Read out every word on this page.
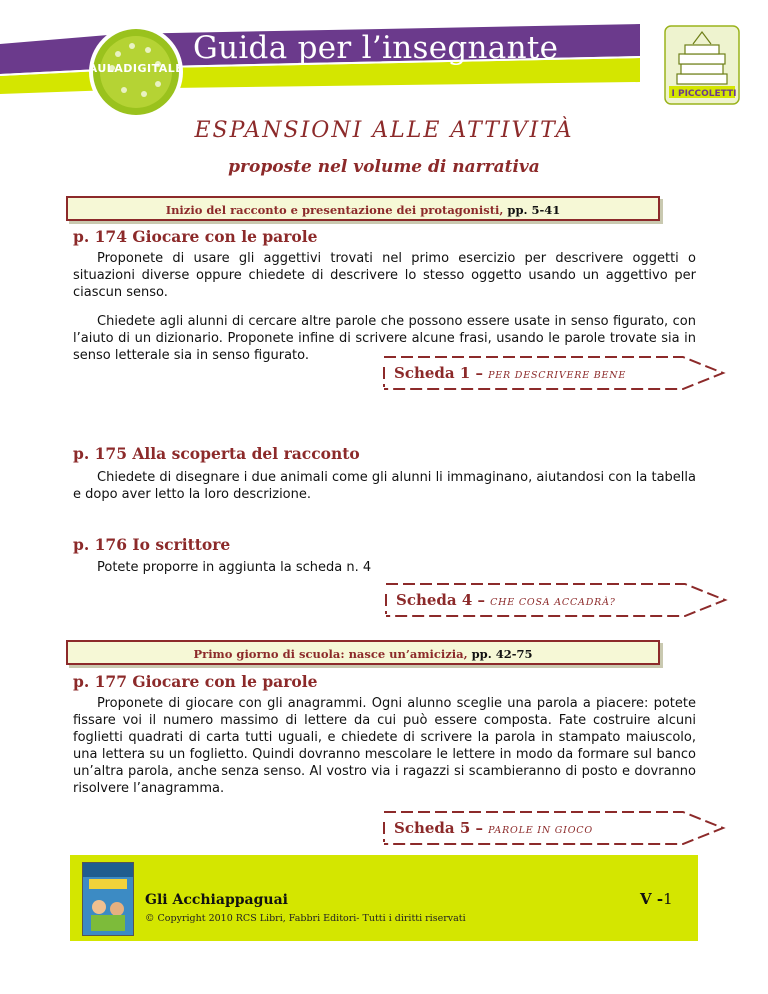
AULADIGITALE
Guida per l’insegnante
I PICCOLETTI
ESPANSIONI ALLE ATTIVITÀ
proposte nel volume di narrativa
Inizio del racconto e presentazione dei protagonisti, pp. 5-41
p. 174 Giocare con le parole

Proponete di usare gli aggettivi trovati nel primo esercizio per descrivere oggetti o situazioni diverse oppure chiedete di descrivere lo stesso oggetto usando un aggettivo per ciascun senso.

Chiedete agli alunni di cercare altre parole che possono essere usate in senso figurato, con l’aiuto di un dizionario. Proponete infine di scrivere alcune frasi, usando le parole trovate sia in senso letterale sia in senso figurato.

Scheda 1 – PER DESCRIVERE BENE
p. 175 Alla scoperta del racconto

Chiedete di disegnare i due animali come gli alunni li immaginano, aiutandosi con la tabella e dopo aver letto la loro descrizione.

p. 176 Io scrittore

Potete proporre in aggiunta la scheda n. 4

Scheda 4 – CHE COSA ACCADRÀ?
Primo giorno di scuola: nasce un’amicizia, pp. 42-75
p. 177 Giocare con le parole

Proponete di giocare con gli anagrammi. Ogni alunno sceglie una parola a piacere: potete fissare voi il numero massimo di lettere da cui può essere composta. Fate costruire alcuni foglietti quadrati di carta tutti uguali, e chiedete di scrivere la parola in stampato maiuscolo, una lettera su un foglietto. Quindi dovranno mescolare le lettere in modo da formare sul banco un’altra parola, anche senza senso. Al vostro via i ragazzi si scambieranno di posto e dovranno risolvere l’anagramma.

Scheda 5 – PAROLE IN GIOCO
Gli Acchiappaguai
© Copyright 2010 RCS Libri, Fabbri Editori- Tutti i diritti riservati
V -1
